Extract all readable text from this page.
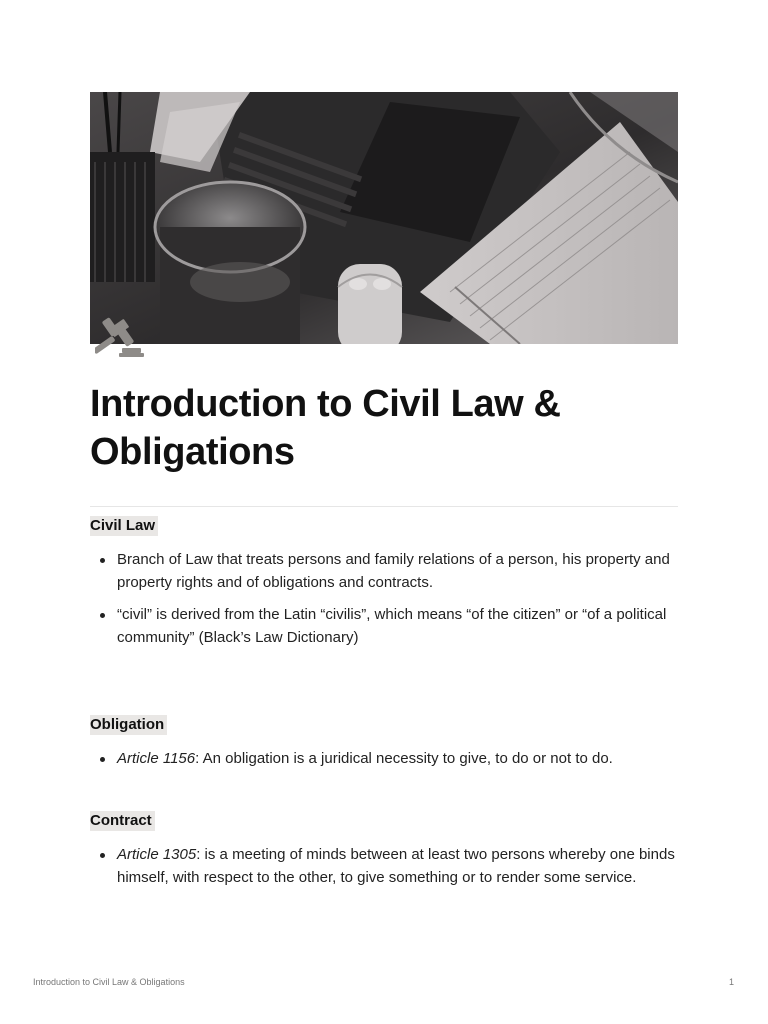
Introduction to Civil Law & Obligations
Civil Law
Branch of Law that treats persons and family relations of a person, his property and property rights and of obligations and contracts.
“civil” is derived from the Latin “civilis”, which means “of the citizen” or “of a political community” (Black’s Law Dictionary)
Obligation
Article 1156: An obligation is a juridical necessity to give, to do or not to do.
Contract
Article 1305: is a meeting of minds between at least two persons whereby one binds himself, with respect to the other, to give something or to render some service.
Introduction to Civil Law & Obligations	1
